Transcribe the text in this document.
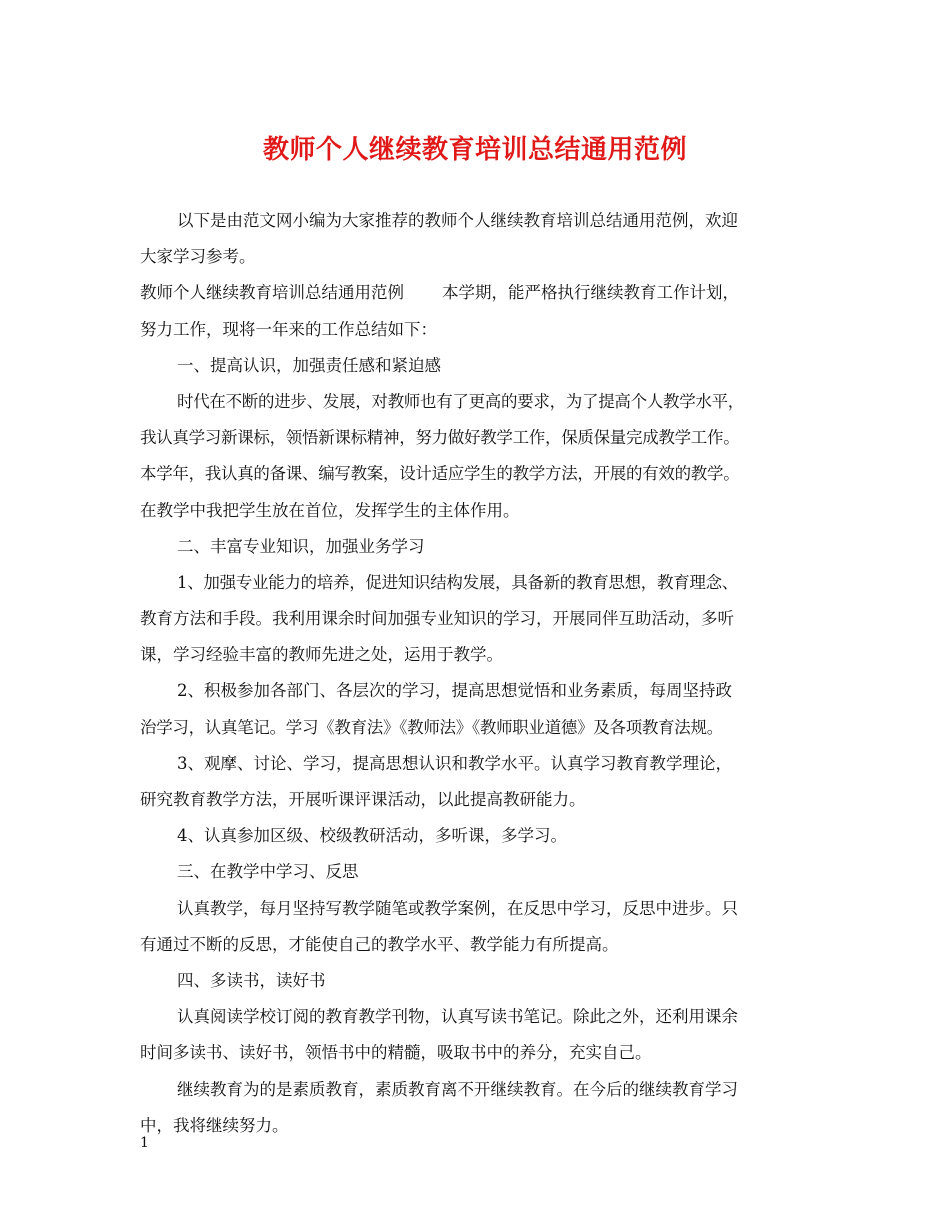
教师个人继续教育培训总结通用范例
以下是由范文网小编为大家推荐的教师个人继续教育培训总结通用范例，欢迎
大家学习参考。
教师个人继续教育培训总结通用范例 本学期，能严格执行继续教育工作计划，
努力工作，现将一年来的工作总结如下：
一、提高认识，加强责任感和紧迫感
时代在不断的进步、发展，对教师也有了更高的要求，为了提高个人教学水平，
我认真学习新课标，领悟新课标精神，努力做好教学工作，保质保量完成教学工作。
本学年，我认真的备课、编写教案，设计适应学生的教学方法，开展的有效的教学。
在教学中我把学生放在首位，发挥学生的主体作用。
二、丰富专业知识，加强业务学习
1、加强专业能力的培养，促进知识结构发展，具备新的教育思想，教育理念、
教育方法和手段。我利用课余时间加强专业知识的学习，开展同伴互助活动，多听
课，学习经验丰富的教师先进之处，运用于教学。
2、积极参加各部门、各层次的学习，提高思想觉悟和业务素质，每周坚持政
治学习，认真笔记。学习《教育法》《教师法》《教师职业道德》及各项教育法规。
3、观摩、讨论、学习，提高思想认识和教学水平。认真学习教育教学理论，
研究教育教学方法，开展听课评课活动，以此提高教研能力。
4、认真参加区级、校级教研活动，多听课，多学习。
三、在教学中学习、反思
认真教学，每月坚持写教学随笔或教学案例，在反思中学习，反思中进步。只
有通过不断的反思，才能使自己的教学水平、教学能力有所提高。
四、多读书，读好书
认真阅读学校订阅的教育教学刊物，认真写读书笔记。除此之外，还利用课余
时间多读书、读好书，领悟书中的精髓，吸取书中的养分，充实自己。
继续教育为的是素质教育，素质教育离不开继续教育。在今后的继续教育学习
中，我将继续努力。
1
